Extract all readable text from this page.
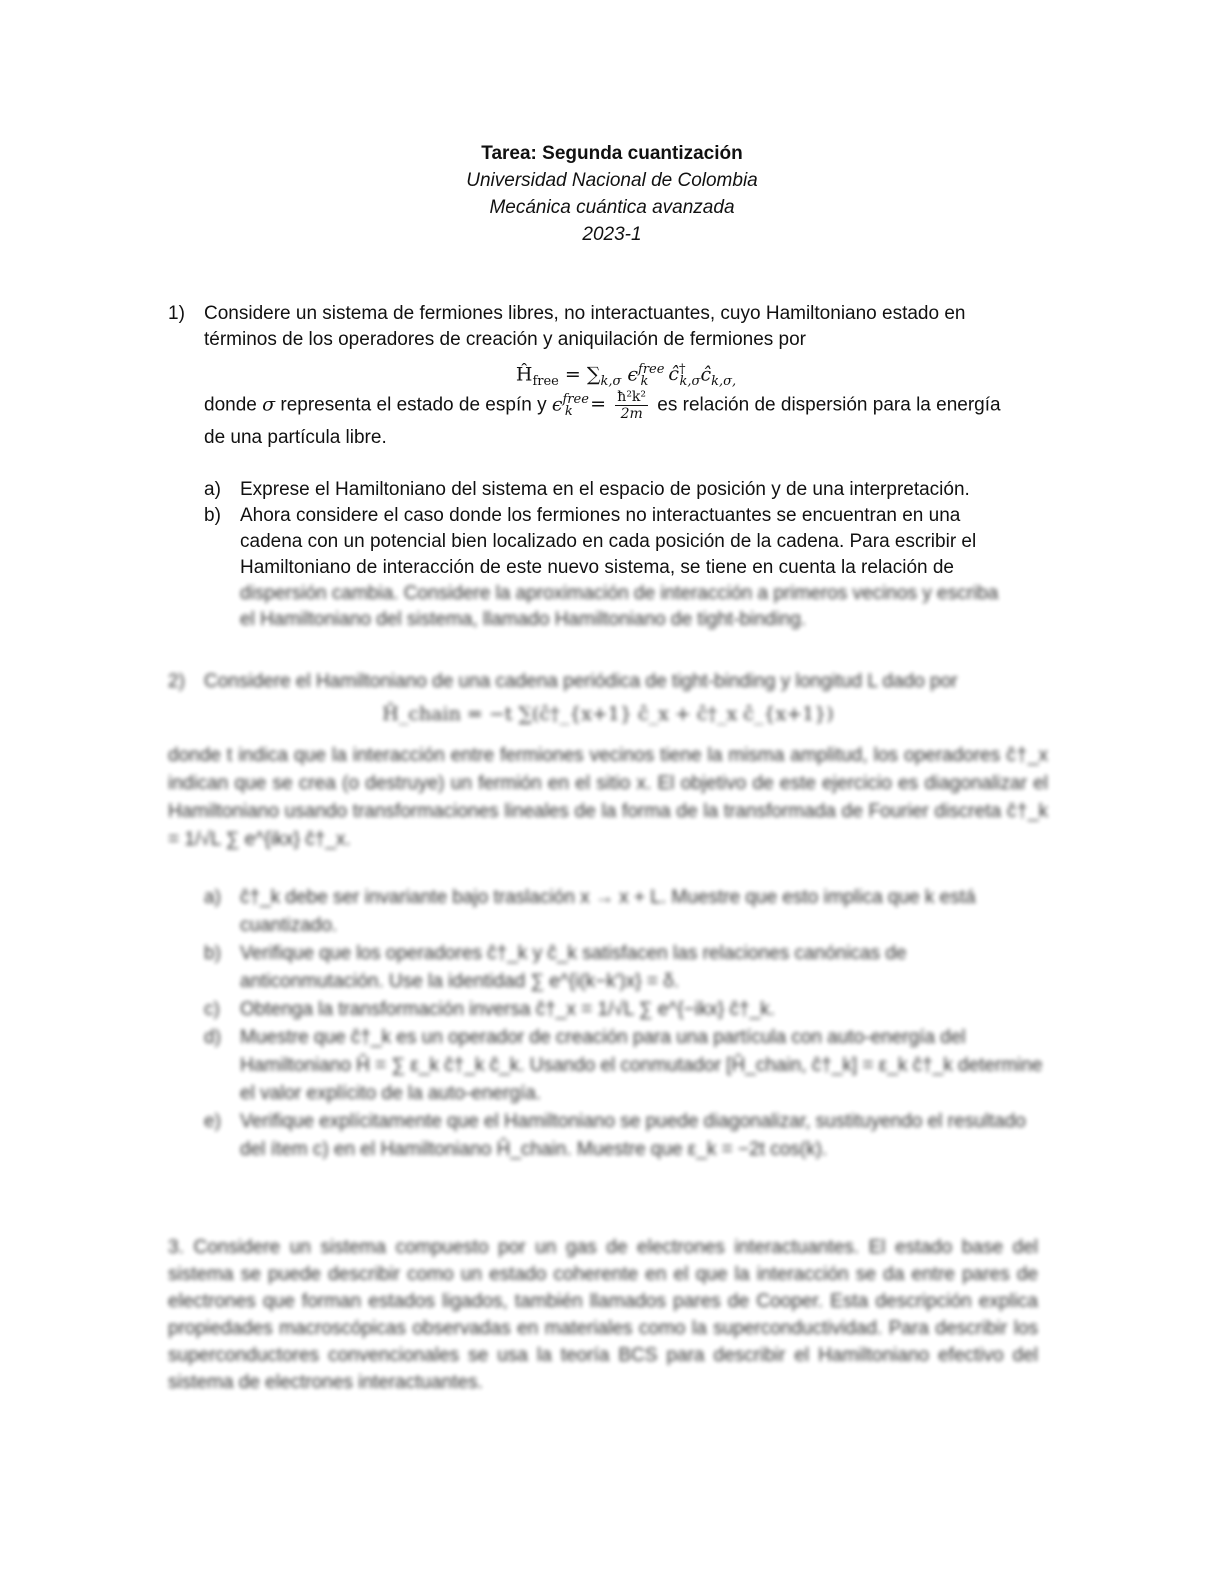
Tarea: Segunda cuantización

Universidad Nacional de Colombia

Mecánica cuántica avanzada

2023-1

1) Considere un sistema de fermiones libres, no interactuantes, cuyo Hamiltoniano estado en

términos de los operadores de creación y aniquilación de fermiones por

$Ĥ_{free} = \sum_{k,\sigma}$ $\epsilon^{free}_k$ $ĉ^\dagger_{k,\sigma}ĉ_{k,\sigma,}$

donde σ representa el estado de espín y $\epsilon^{free}_k = \frac{\text{ħ²k²}}{2m}$ es relación de dispersión para la energía

de una partícula libre.

a) Exprese el Hamiltoniano del sistema en el espacio de posición y de una interpretación.

b) Ahora considere el caso donde los fermiones no interactuantes se encuentran en una

cadena con un potencial bien localizado en cada posición de la cadena. Para escribir el

Hamiltoniano de interacción de este nuevo sistema, se tiene en cuenta la relación de

dispersión cambia. Considere la aproximación de interacción a primeros vecinos y escriba

el Hamiltoniano del sistema, llamado Hamiltoniano de tight-binding.

2) Considere el Hamiltoniano de una cadena periódica de tight-binding y longitud L dado por

Ĥ_chain = −t ∑(ĉ†_{x+1} ĉ_x + ĉ†_x ĉ_{x+1})

donde t indica que la interacción entre fermiones vecinos tiene la misma amplitud, los operadores ĉ†_x indican que se crea (o destruye) un fermión en el sitio x. El objetivo de este ejercicio es diagonalizar el Hamiltoniano usando transformaciones lineales de la forma de la transformada de Fourier discreta ĉ†_k = 1/√L ∑ e^{ikx} ĉ†_x.

a) ĉ†_k debe ser invariante bajo traslación x → x + L. Muestre que esto implica que k está cuantizado.

b) Verifique que los operadores ĉ†_k y ĉ_k satisfacen las relaciones canónicas de anticonmutación. Use la identidad ∑ e^{i(k−k')x} = δ.

c) Obtenga la transformación inversa ĉ†_x = 1/√L ∑ e^{−ikx} ĉ†_k.

d) Muestre que ĉ†_k es un operador de creación para una partícula con auto-energía del Hamiltoniano Ĥ = ∑ ε_k ĉ†_k ĉ_k. Usando el conmutador [Ĥ_chain, ĉ†_k] = ε_k ĉ†_k determine el valor explícito de la auto-energía.

e) Verifique explícitamente que el Hamiltoniano se puede diagonalizar, sustituyendo el resultado del ítem c) en el Hamiltoniano Ĥ_chain. Muestre que ε_k = −2t cos(k).

3. Considere un sistema compuesto por un gas de electrones interactuantes. El estado base del sistema se puede describir como un estado coherente en el que la interacción se da entre pares de electrones que forman estados ligados, también llamados pares de Cooper. Esta descripción explica propiedades macroscópicas observadas en materiales como la superconductividad. Para describir los superconductores convencionales se usa la teoría BCS para describir el Hamiltoniano efectivo del sistema de electrones interactuantes.
